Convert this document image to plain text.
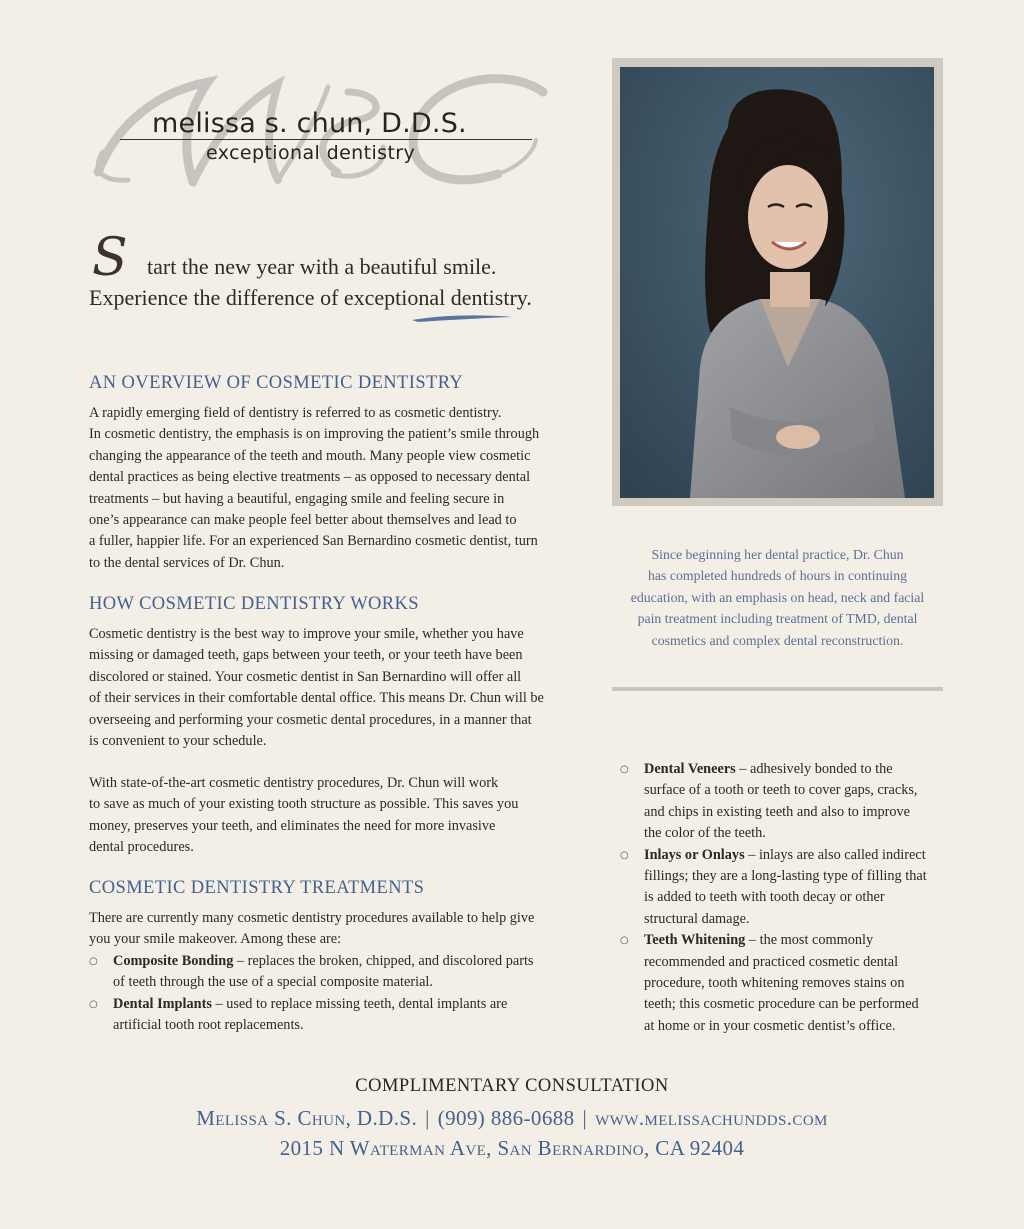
melissa s. chun, D.D.S.
exceptional dentistry
S tart the new year with a beautiful smile.
Experience the difference of exceptional dentistry.
AN OVERVIEW OF COSMETIC DENTISTRY
A rapidly emerging field of dentistry is referred to as cosmetic dentistry.
In cosmetic dentistry, the emphasis is on improving the patient’s smile through
changing the appearance of the teeth and mouth. Many people view cosmetic
dental practices as being elective treatments – as opposed to necessary dental
treatments – but having a beautiful, engaging smile and feeling secure in
one’s appearance can make people feel better about themselves and lead to
a fuller, happier life. For an experienced San Bernardino cosmetic dentist, turn
to the dental services of Dr. Chun.
HOW COSMETIC DENTISTRY WORKS
Cosmetic dentistry is the best way to improve your smile, whether you have
missing or damaged teeth, gaps between your teeth, or your teeth have been
discolored or stained. Your cosmetic dentist in San Bernardino will offer all
of their services in their comfortable dental office. This means Dr. Chun will be
overseeing and performing your cosmetic dental procedures, in a manner that
is convenient to your schedule.
With state-of-the-art cosmetic dentistry procedures, Dr. Chun will work
to save as much of your existing tooth structure as possible. This saves you
money, preserves your teeth, and eliminates the need for more invasive
dental procedures.
COSMETIC DENTISTRY TREATMENTS
There are currently many cosmetic dentistry procedures available to help give
you your smile makeover. Among these are:
○ Composite Bonding – replaces the broken, chipped, and discolored parts
of teeth through the use of a special composite material.
○ Dental Implants – used to replace missing teeth, dental implants are
artificial tooth root replacements.
Since beginning her dental practice, Dr. Chun
has completed hundreds of hours in continuing
education, with an emphasis on head, neck and facial
pain treatment including treatment of TMD, dental
cosmetics and complex dental reconstruction.
○ Dental Veneers – adhesively bonded to the
surface of a tooth or teeth to cover gaps, cracks,
and chips in existing teeth and also to improve
the color of the teeth.
○ Inlays or Onlays – inlays are also called indirect
fillings; they are a long-lasting type of filling that
is added to teeth with tooth decay or other
structural damage.
○ Teeth Whitening – the most commonly
recommended and practiced cosmetic dental
procedure, tooth whitening removes stains on
teeth; this cosmetic procedure can be performed
at home or in your cosmetic dentist’s office.
COMPLIMENTARY CONSULTATION
Melissa S. Chun, D.D.S. | (909) 886-0688 | www.melissachundds.com
2015 N Waterman Ave, San Bernardino, CA 92404
